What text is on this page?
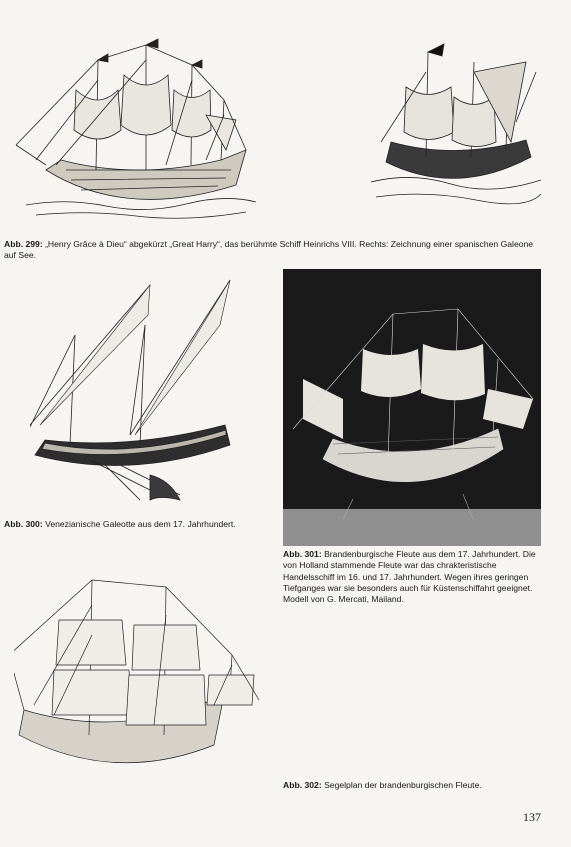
Abb. 299: „Henry Grâce à Dieu“ abgekürzt „Great Harry“, das berühmte Schiff Heinrichs VIII. Rechts: Zeichnung einer spanischen Galeone auf See.

Abb. 300: Venezianische Galeotte aus dem 17. Jahrhundert.

Abb. 301: Brandenburgische Fleute aus dem 17. Jahrhundert. Die von Holland stammende Fleute war das chrakteristische Handelsschiff im 16. und 17. Jahrhundert. Wegen ihres geringen Tiefganges war sie besonders auch für Küstenschiffahrt geeignet.
Modell von G. Mercati, Mailand.

Abb. 302: Segelplan der brandenburgischen Fleute.

137
